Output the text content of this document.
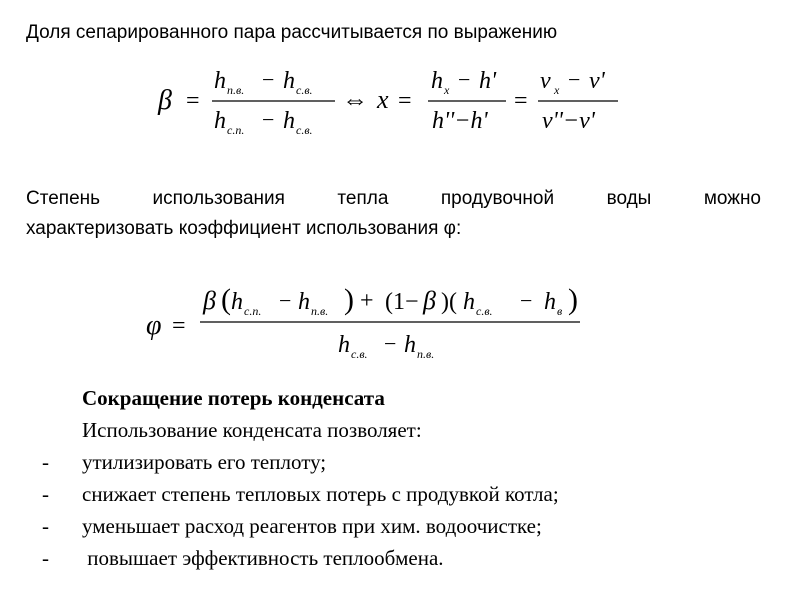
Доля сепарированного пара рассчитывается по выражению
β =
h п.в. − h с.в.
h с.п. − h с.в.
⇔ x =
h x − h'
h''−h'
=
ν x − ν'
ν''−ν'
Степень	использования	тепла	продувочной	воды	можно
характеризовать коэффициент использования φ:
φ =
β ( h с.п. − h п.в. ) + (1− β )( h с.в. − h в )
h с.в. − h п.в.
Сокращение потерь конденсата
Использование конденсата позволяет:
- утилизировать его теплоту;
- снижает степень тепловых потерь с продувкой котла;
- уменьшает расход реагентов при хим. водоочистке;
- повышает эффективность теплообмена.
